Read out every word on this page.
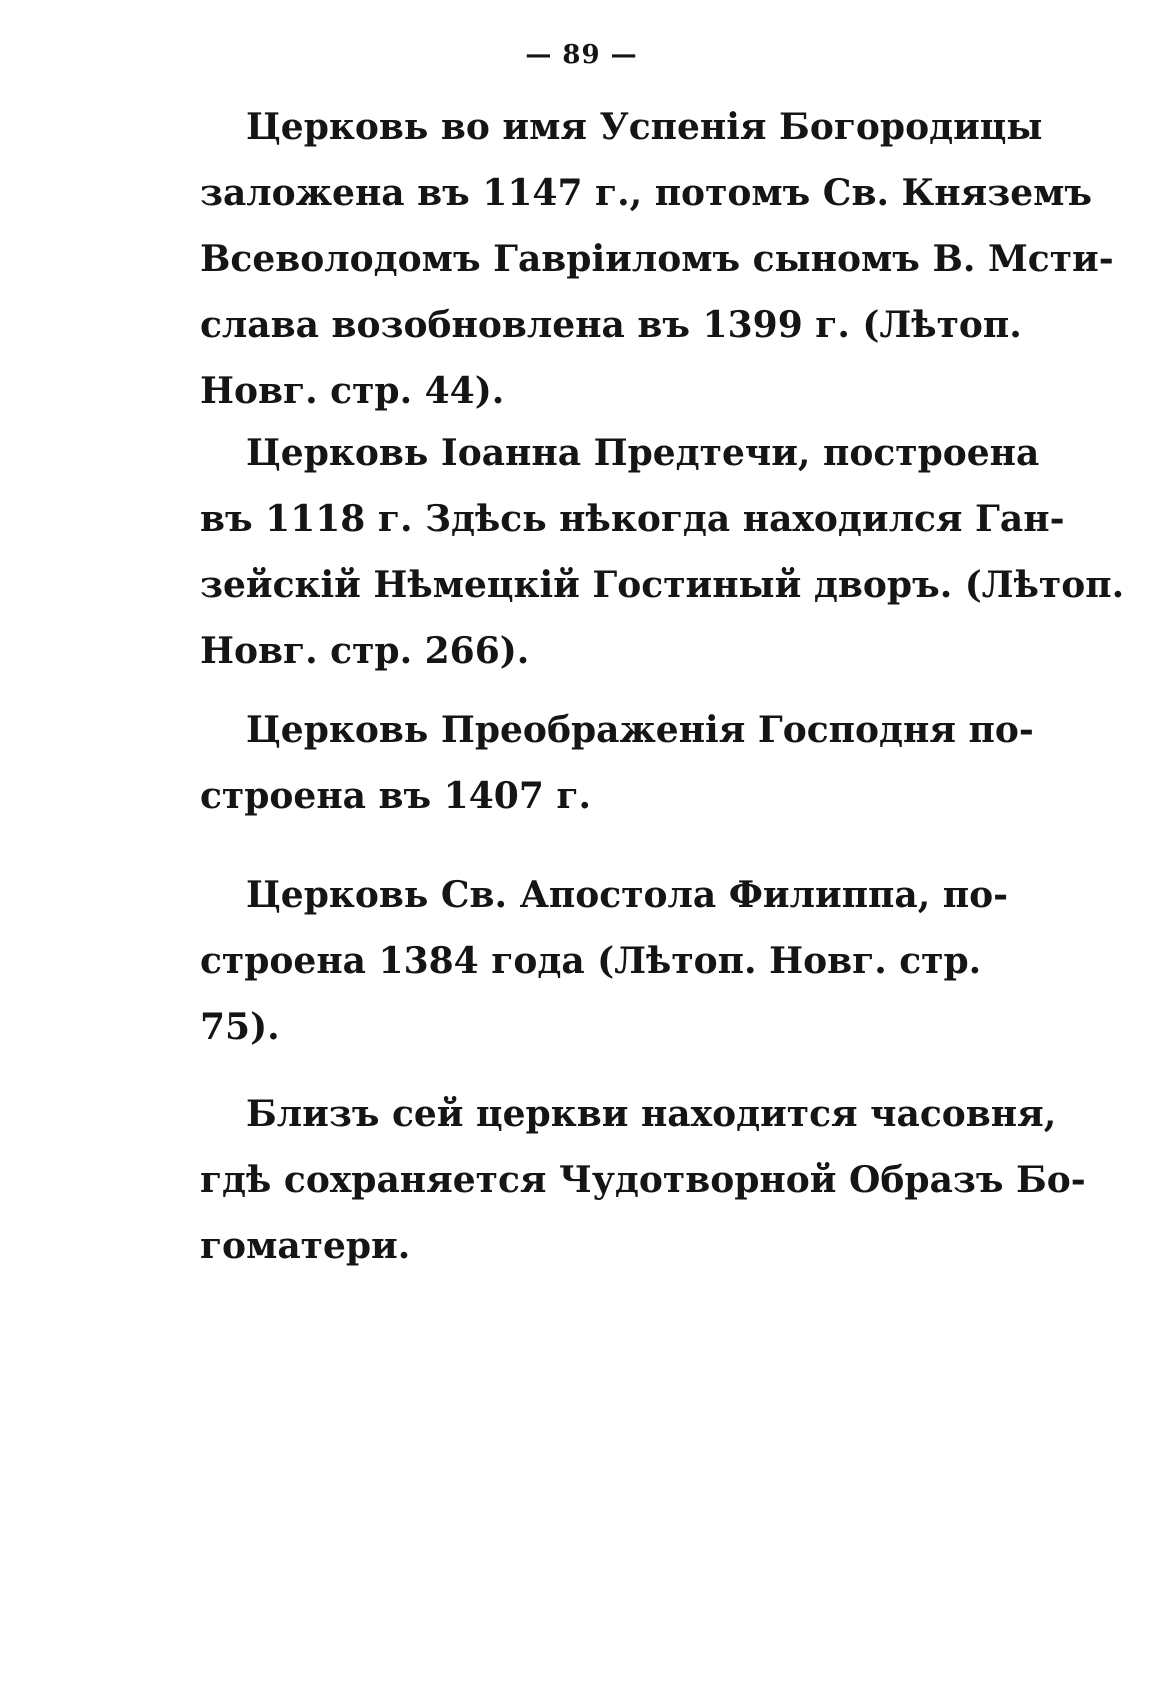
— 89 —
Церковь во имя Успенія Богородицы
заложена въ 1147 г., потомъ Св. Княземъ
Всеволодомъ Гавріиломъ сыномъ В. Мсти-
слава возобновлена въ 1399 г. (Лѣтоп.
Новг. стр. 44).
Церковь Іоанна Предтечи, построена
въ 1118 г. Здѣсь нѣкогда находился Ган-
зейскій Нѣмецкій Гостиный дворъ. (Лѣтоп.
Новг. стр. 266).
Церковь Преображенія Господня по-
строена въ 1407 г.
Церковь Св. Апостола Филиппа, по-
строена 1384 года (Лѣтоп. Новг. стр.
75).
Близъ сей церкви находится часовня,
гдѣ сохраняется Чудотворной Образъ Бо-
гоматери.
